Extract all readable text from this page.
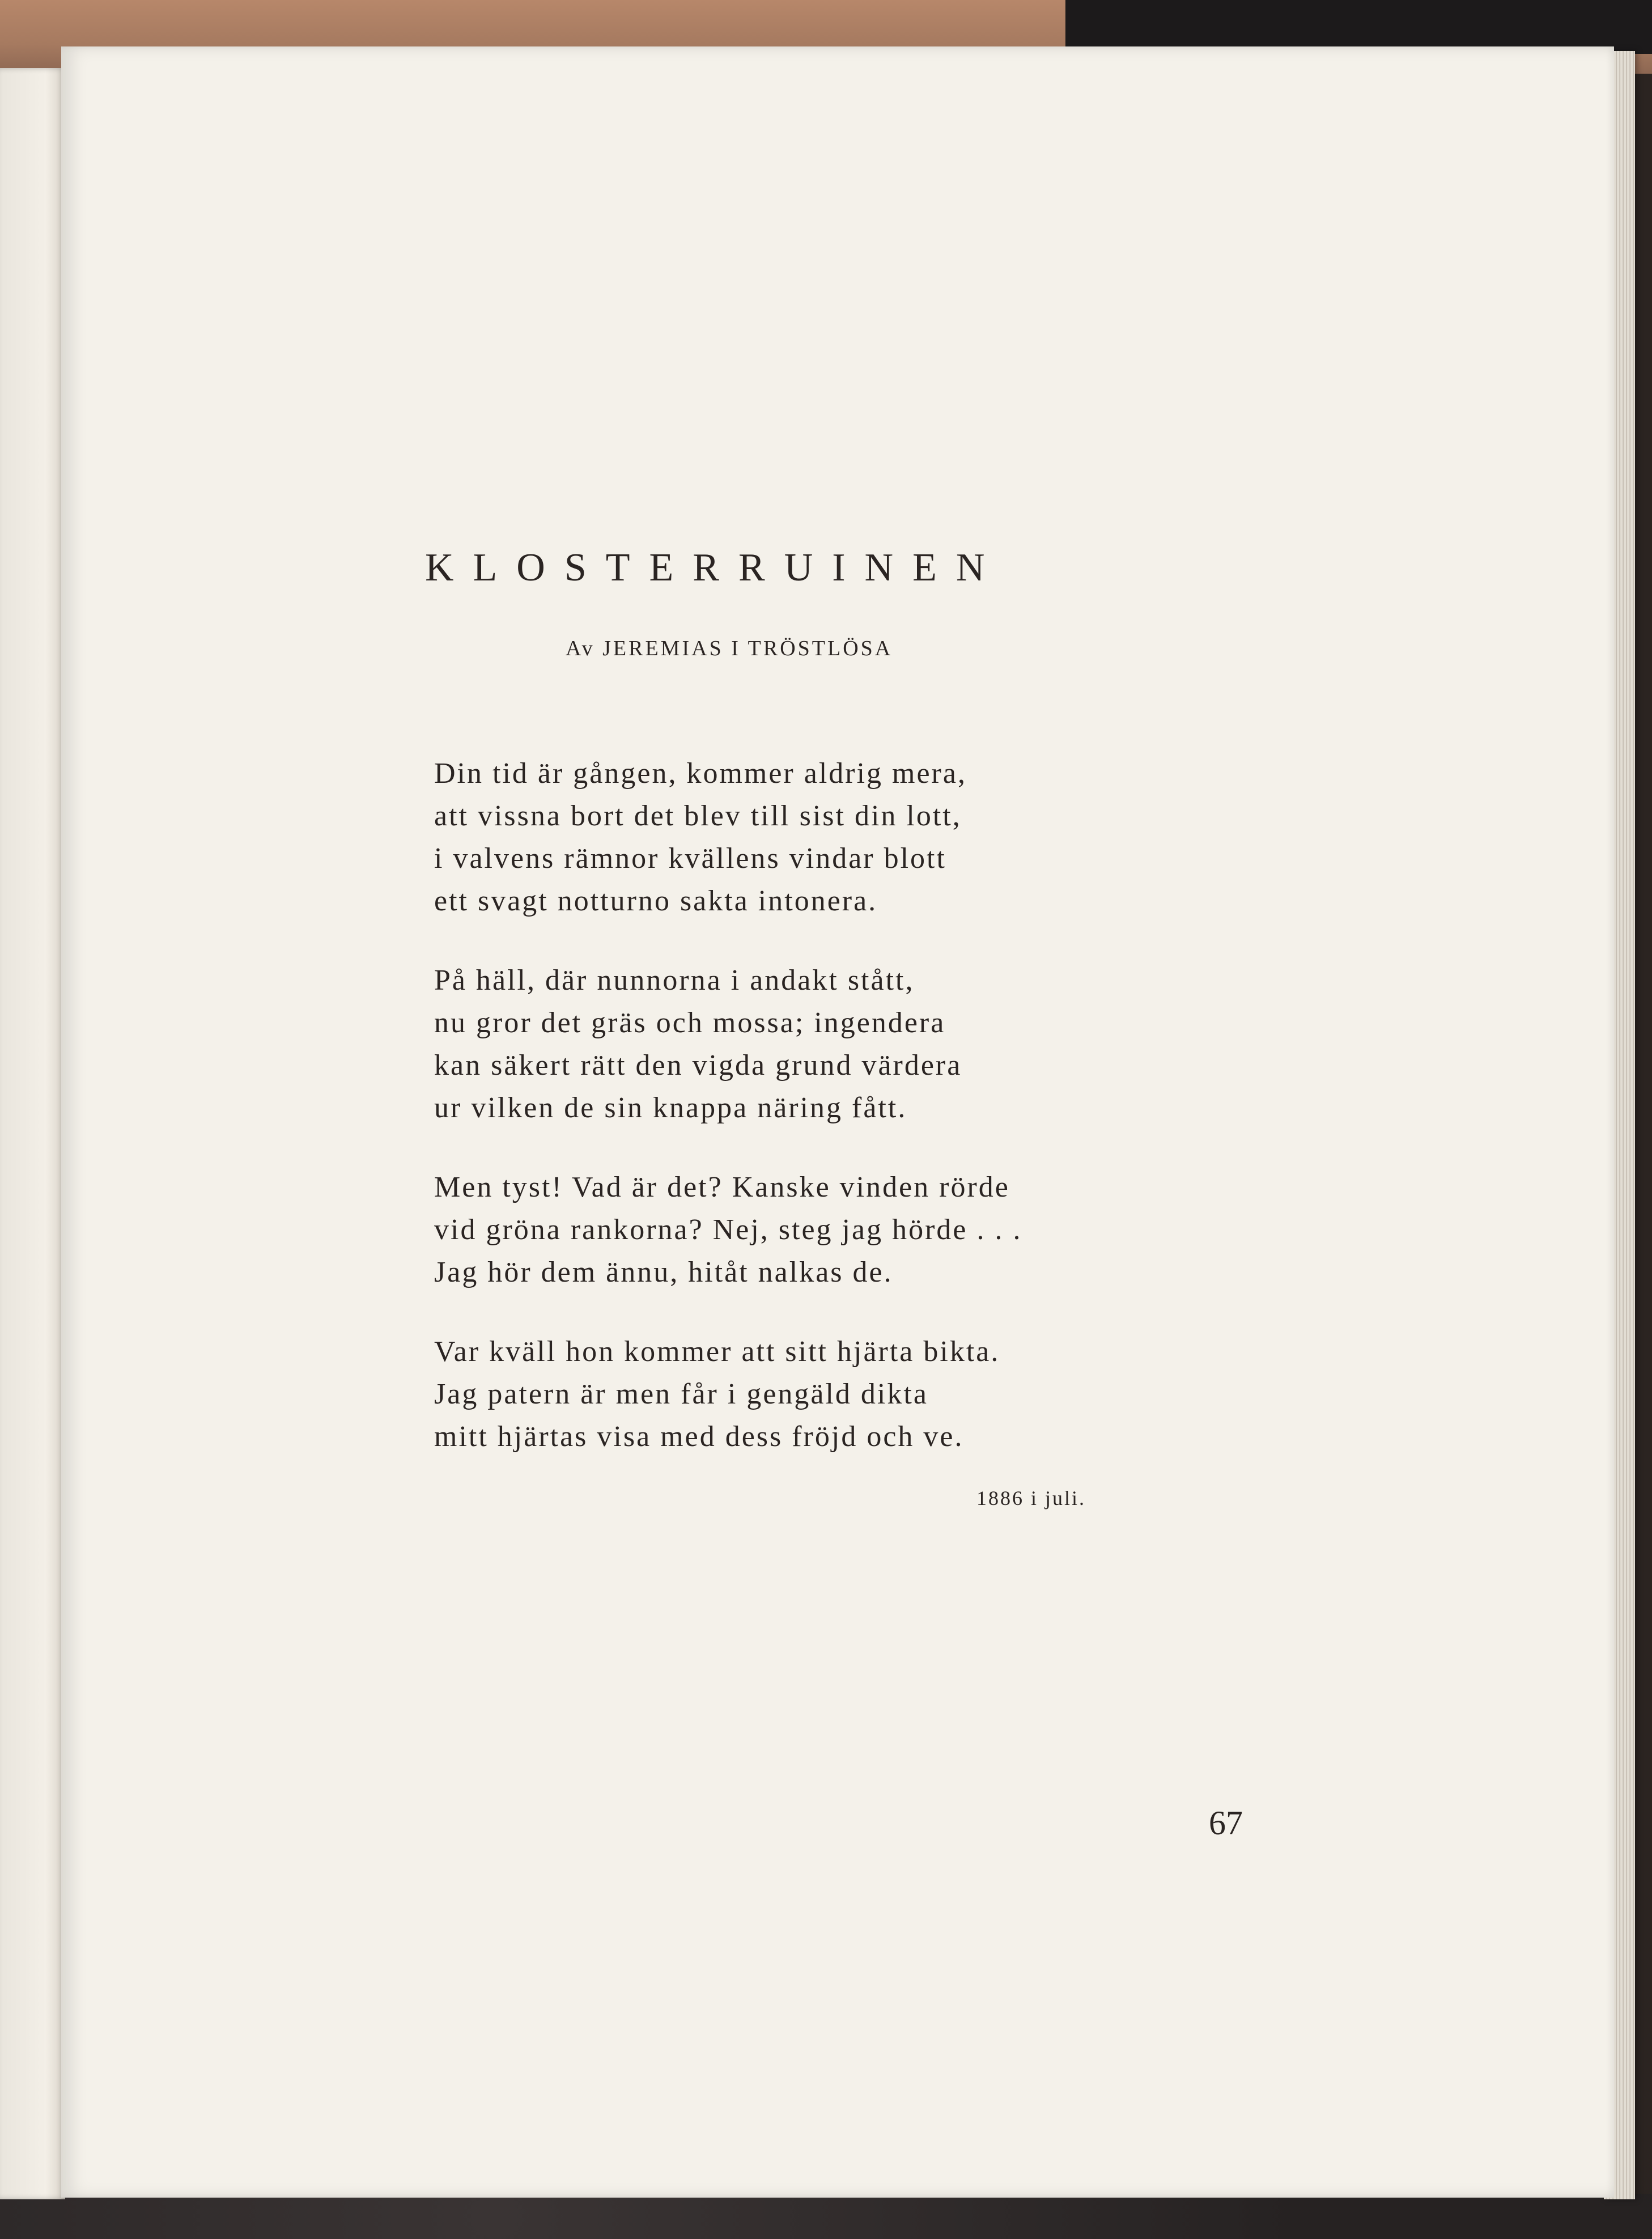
KLOSTERRUINEN
Av JEREMIAS I TRÖSTLÖSA
Din tid är gången, kommer aldrig mera,
att vissna bort det blev till sist din lott,
i valvens rämnor kvällens vindar blott
ett svagt notturno sakta intonera.
På häll, där nunnorna i andakt stått,
nu gror det gräs och mossa; ingendera
kan säkert rätt den vigda grund värdera
ur vilken de sin knappa näring fått.
Men tyst! Vad är det? Kanske vinden rörde
vid gröna rankorna? Nej, steg jag hörde . . .
Jag hör dem ännu, hitåt nalkas de.
Var kväll hon kommer att sitt hjärta bikta.
Jag patern är men får i gengäld dikta
mitt hjärtas visa med dess fröjd och ve.
1886 i juli.
67
